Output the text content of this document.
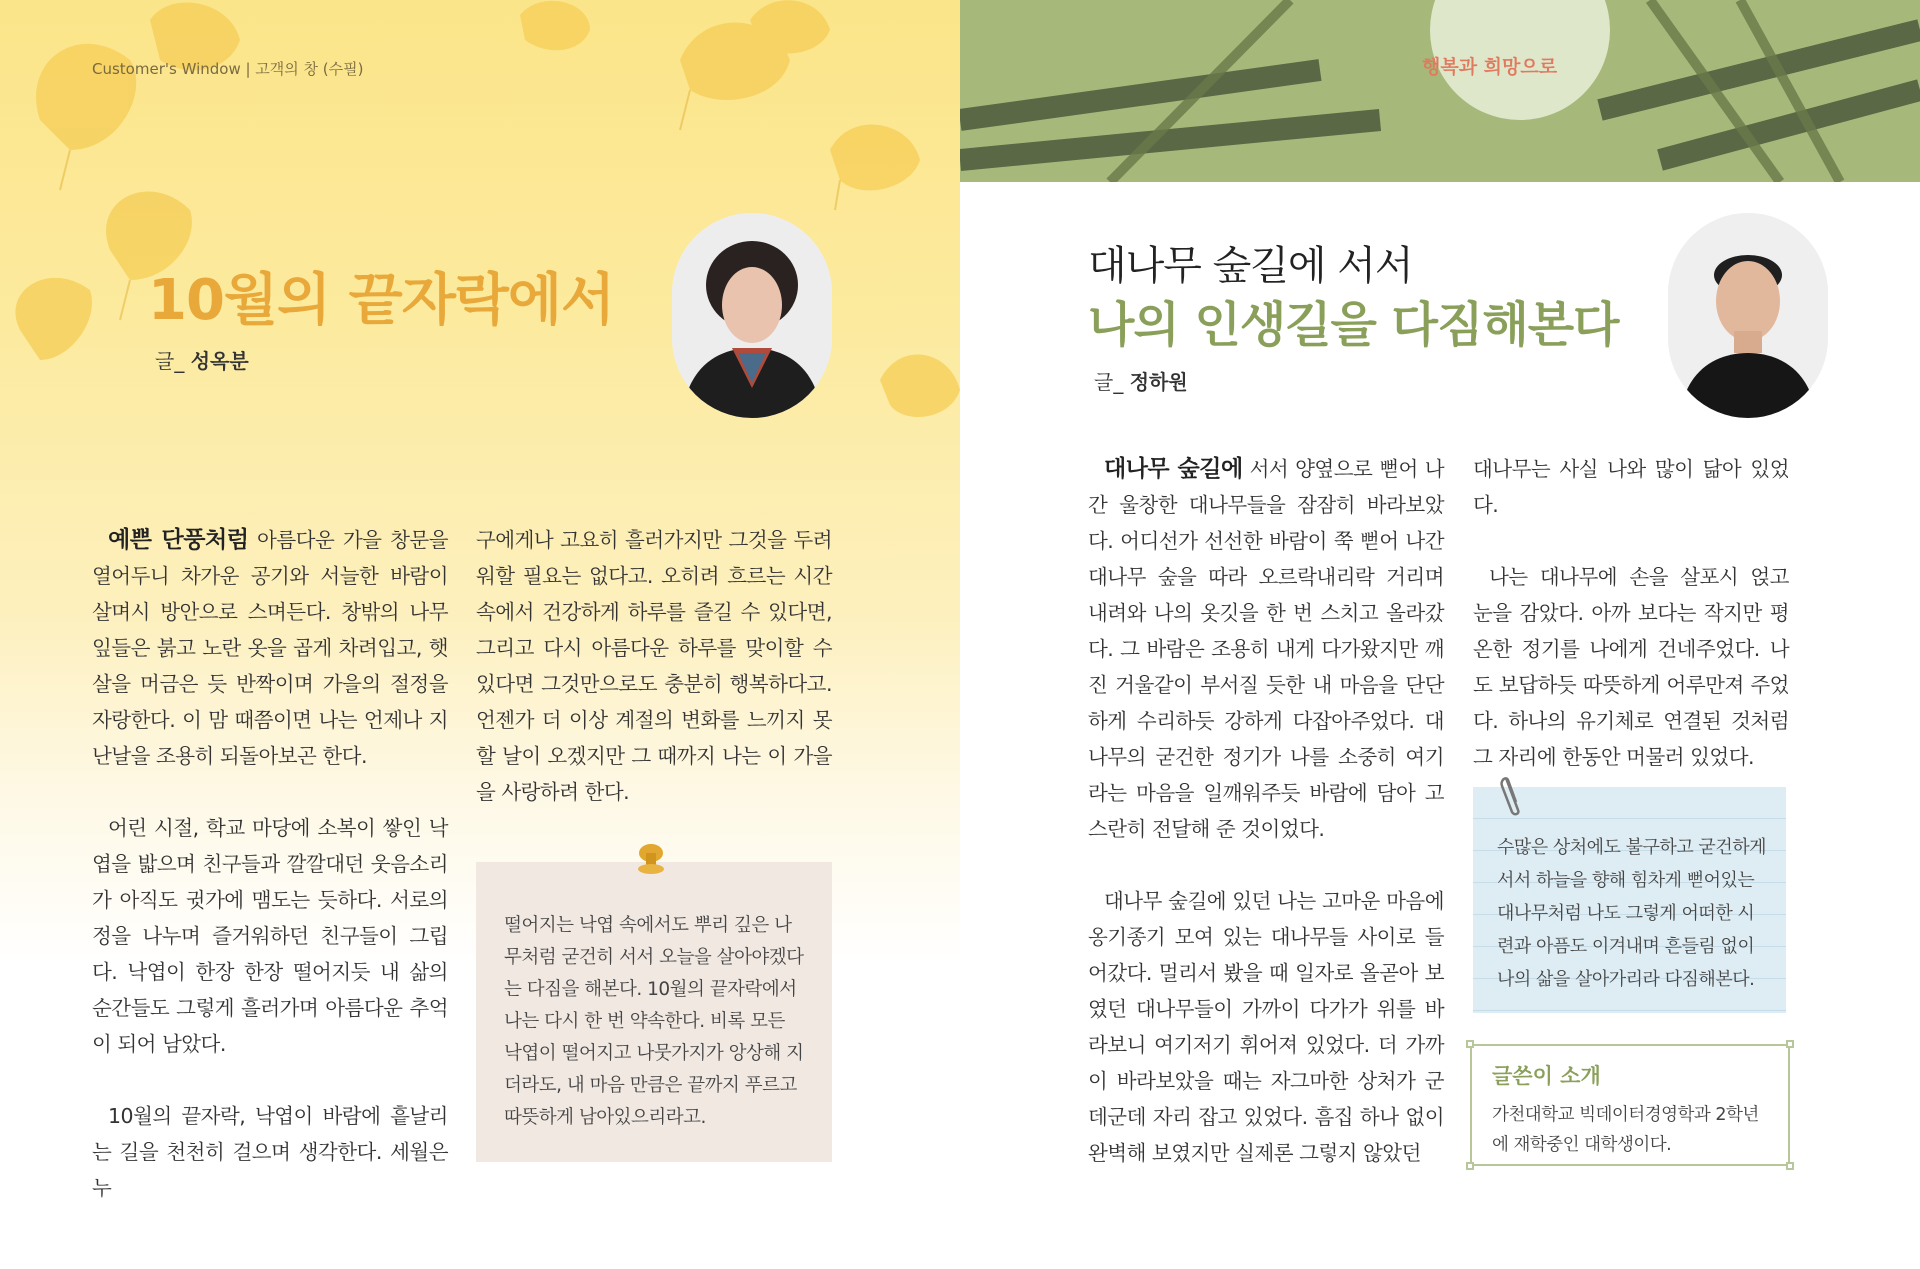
Customer's Window | 고객의 창 (수필)
10월의 끝자락에서
글_ 성옥분

예쁜 단풍처럼 아름다운 가을 창문을 열어두니 차가운 공기와 서늘한 바람이 살며시 방안으로 스며든다. 창밖의 나무 잎들은 붉고 노란 옷을 곱게 차려입고, 햇살을 머금은 듯 반짝이며 가을의 절정을 자랑한다. 이 맘 때쯤이면 나는 언제나 지난날을 조용히 되돌아보곤 한다.

어린 시절, 학교 마당에 소복이 쌓인 낙엽을 밟으며 친구들과 깔깔대던 웃음소리가 아직도 귓가에 맴도는 듯하다. 서로의 정을 나누며 즐거워하던 친구들이 그립다. 낙엽이 한장 한장 떨어지듯 내 삶의 순간들도 그렇게 흘러가며 아름다운 추억이 되어 남았다.

10월의 끝자락, 낙엽이 바람에 흩날리는 길을 천천히 걸으며 생각한다. 세월은 누

구에게나 고요히 흘러가지만 그것을 두려워할 필요는 없다고. 오히려 흐르는 시간 속에서 건강하게 하루를 즐길 수 있다면, 그리고 다시 아름다운 하루를 맞이할 수 있다면 그것만으로도 충분히 행복하다고. 언젠가 더 이상 계절의 변화를 느끼지 못할 날이 오겠지만 그 때까지 나는 이 가을을 사랑하려 한다.

떨어지는 낙엽 속에서도 뿌리 깊은 나무처럼 굳건히 서서 오늘을 살아야겠다는 다짐을 해본다. 10월의 끝자락에서 나는 다시 한 번 약속한다. 비록 모든 낙엽이 떨어지고 나뭇가지가 앙상해 지더라도, 내 마음 만큼은 끝까지 푸르고 따뜻하게 남아있으리라고.
행복과 희망으로
대나무 숲길에 서서
나의 인생길을 다짐해본다
글_ 정하원

대나무 숲길에 서서 양옆으로 뻗어 나간 울창한 대나무들을 잠잠히 바라보았다. 어디선가 선선한 바람이 쭉 뻗어 나간 대나무 숲을 따라 오르락내리락 거리며 내려와 나의 옷깃을 한 번 스치고 올라갔다. 그 바람은 조용히 내게 다가왔지만 깨진 거울같이 부서질 듯한 내 마음을 단단하게 수리하듯 강하게 다잡아주었다. 대나무의 굳건한 정기가 나를 소중히 여기라는 마음을 일깨워주듯 바람에 담아 고스란히 전달해 준 것이었다.

대나무 숲길에 있던 나는 고마운 마음에 옹기종기 모여 있는 대나무들 사이로 들어갔다. 멀리서 봤을 때 일자로 올곧아 보였던 대나무들이 가까이 다가가 위를 바라보니 여기저기 휘어져 있었다. 더 가까이 바라보았을 때는 자그마한 상처가 군데군데 자리 잡고 있었다. 흠집 하나 없이 완벽해 보였지만 실제론 그렇지 않았던

대나무는 사실 나와 많이 닮아 있었다.

나는 대나무에 손을 살포시 얹고 눈을 감았다. 아까 보다는 작지만 평온한 정기를 나에게 건네주었다. 나도 보답하듯 따뜻하게 어루만져 주었다. 하나의 유기체로 연결된 것처럼 그 자리에 한동안 머물러 있었다.

수많은 상처에도 불구하고 굳건하게 서서 하늘을 향해 힘차게 뻗어있는 대나무처럼 나도 그렇게 어떠한 시련과 아픔도 이겨내며 흔들림 없이 나의 삶을 살아가리라 다짐해본다.
글쓴이 소개
가천대학교 빅데이터경영학과 2학년에 재학중인 대학생이다.
